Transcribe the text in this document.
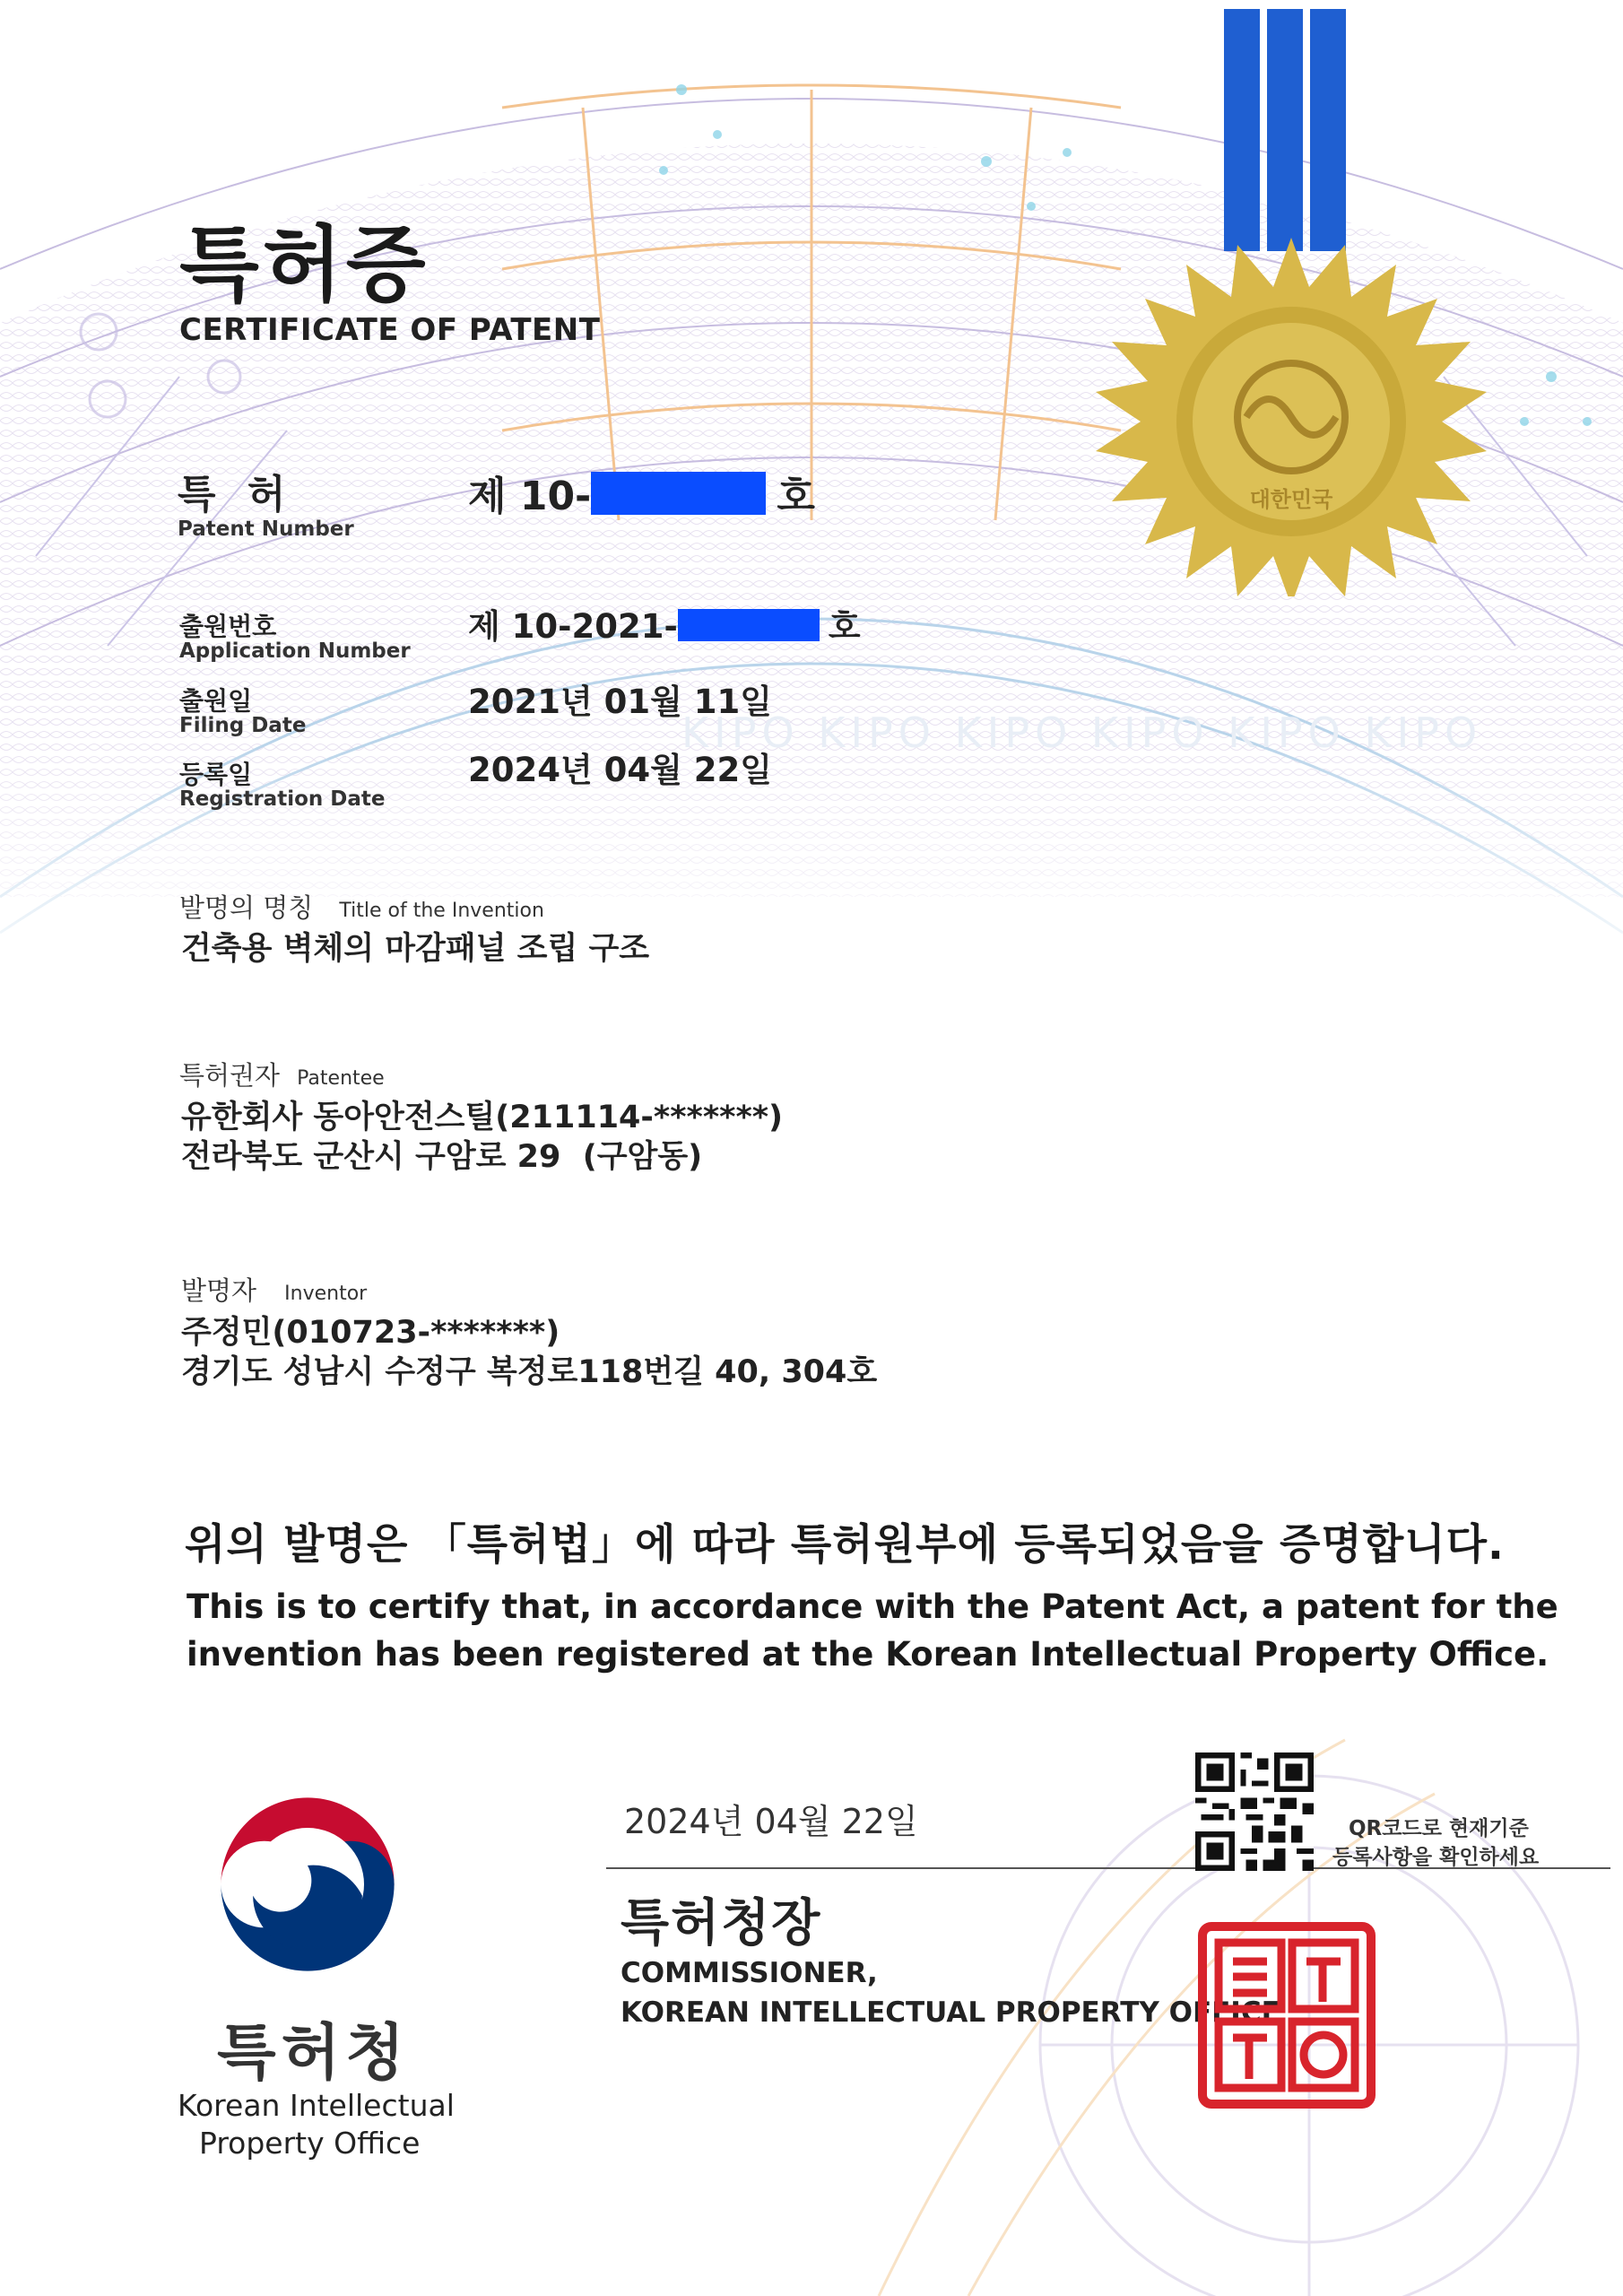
대한민국
특허증
CERTIFICATE OF PATENT
특 허
Patent Number
제 10-	호
출원번호
Application Number
제 10-2021-	호
출원일
Filing Date
2021년 01월 11일
등록일
Registration Date
2024년 04월 22일
KIPO KIPO KIPO KIPO KIPO KIPO
발명의 명칭 Title of the Invention
건축용 벽체의 마감패널 조립 구조
특허권자 Patentee
유한회사 동아안전스틸(211114-*******)
전라북도 군산시 구암로 29  (구암동)
발명자 Inventor
주정민(010723-*******)
경기도 성남시 수정구 복정로118번길 40, 304호
위의 발명은 「특허법」에 따라 특허원부에 등록되었음을 증명합니다.
This is to certify that, in accordance with the Patent Act, a patent for the
invention has been registered at the Korean Intellectual Property Office.
2024년 04월 22일	QR코드로 현재기준
등록사항을 확인하세요
특허청장
COMMISSIONER,
KOREAN INTELLECTUAL PROPERTY OFFICE
특허청
Korean Intellectual
Property Office
